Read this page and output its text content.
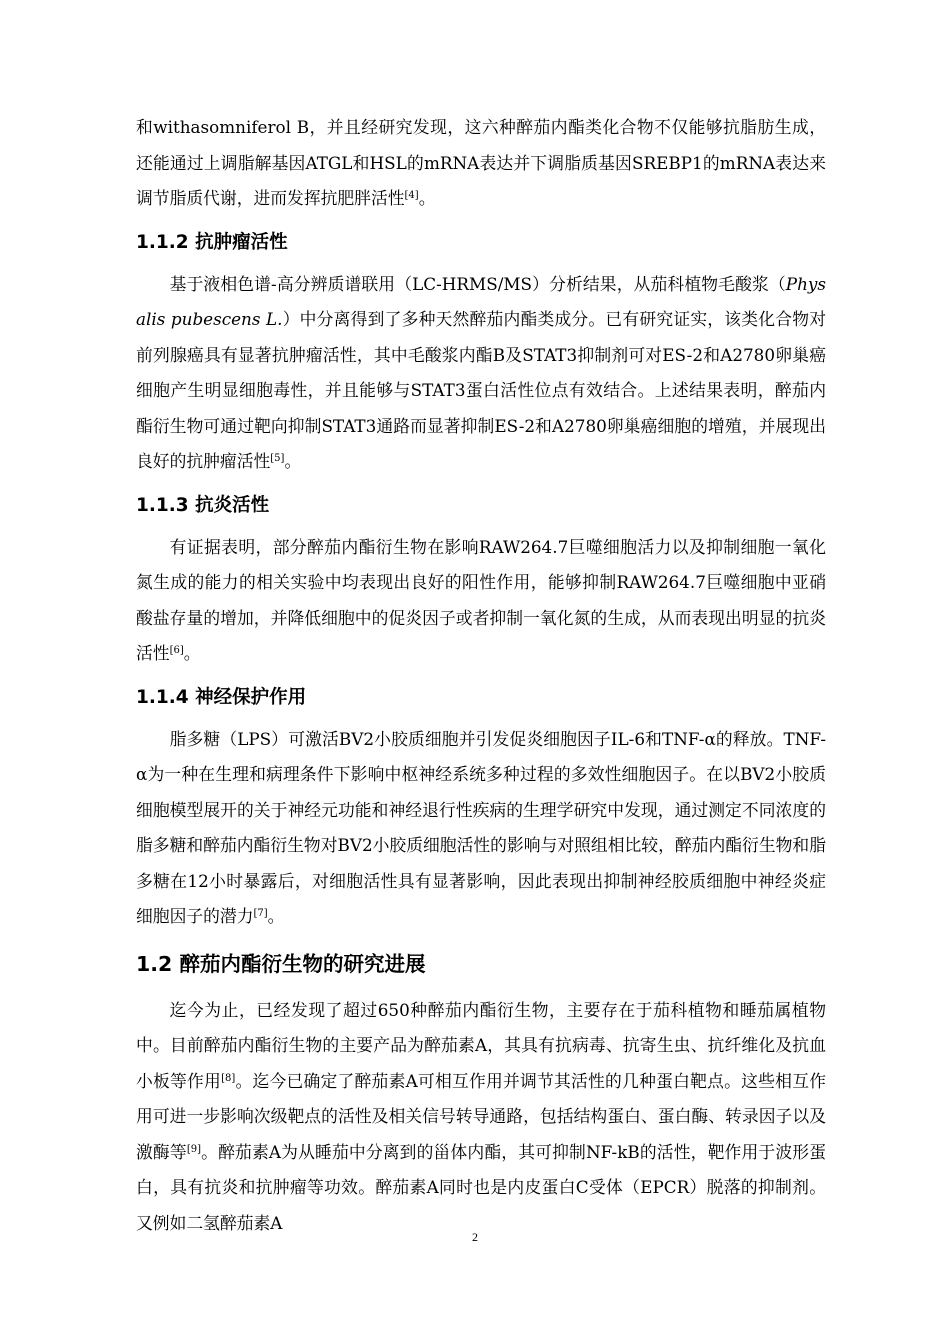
和withasomniferol B，并且经研究发现，这六种醉茄内酯类化合物不仅能够抗脂肪生成，还能通过上调脂解基因ATGL和HSL的mRNA表达并下调脂质基因SREBP1的mRNA表达来调节脂质代谢，进而发挥抗肥胖活性[4]。

1.1.2 抗肿瘤活性

基于液相色谱-高分辨质谱联用（LC-HRMS/MS）分析结果，从茄科植物毛酸浆（Physalis pubescens L.）中分离得到了多种天然醉茄内酯类成分。已有研究证实，该类化合物对前列腺癌具有显著抗肿瘤活性，其中毛酸浆内酯B及STAT3抑制剂可对ES-2和A2780卵巢癌细胞产生明显细胞毒性，并且能够与STAT3蛋白活性位点有效结合。上述结果表明，醉茄内酯衍生物可通过靶向抑制STAT3通路而显著抑制ES-2和A2780卵巢癌细胞的增殖，并展现出良好的抗肿瘤活性[5]。

1.1.3 抗炎活性

有证据表明，部分醉茄内酯衍生物在影响RAW264.7巨噬细胞活力以及抑制细胞一氧化氮生成的能力的相关实验中均表现出良好的阳性作用，能够抑制RAW264.7巨噬细胞中亚硝酸盐存量的增加，并降低细胞中的促炎因子或者抑制一氧化氮的生成，从而表现出明显的抗炎活性[6]。

1.1.4 神经保护作用

脂多糖（LPS）可激活BV2小胶质细胞并引发促炎细胞因子IL-6和TNF-α的释放。TNF-α为一种在生理和病理条件下影响中枢神经系统多种过程的多效性细胞因子。在以BV2小胶质细胞模型展开的关于神经元功能和神经退行性疾病的生理学研究中发现，通过测定不同浓度的脂多糖和醉茄内酯衍生物对BV2小胶质细胞活性的影响与对照组相比较，醉茄内酯衍生物和脂多糖在12小时暴露后，对细胞活性具有显著影响，因此表现出抑制神经胶质细胞中神经炎症细胞因子的潜力[7]。

1.2 醉茄内酯衍生物的研究进展

迄今为止，已经发现了超过650种醉茄内酯衍生物，主要存在于茄科植物和睡茄属植物中。目前醉茄内酯衍生物的主要产品为醉茄素A，其具有抗病毒、抗寄生虫、抗纤维化及抗血小板等作用[8]。迄今已确定了醉茄素A可相互作用并调节其活性的几种蛋白靶点。这些相互作用可进一步影响次级靶点的活性及相关信号转导通路，包括结构蛋白、蛋白酶、转录因子以及激酶等[9]。醉茄素A为从睡茄中分离到的甾体内酯，其可抑制NF-kB的活性，靶作用于波形蛋白，具有抗炎和抗肿瘤等功效。醉茄素A同时也是内皮蛋白C受体（EPCR）脱落的抑制剂。又例如二氢醉茄素A

2
